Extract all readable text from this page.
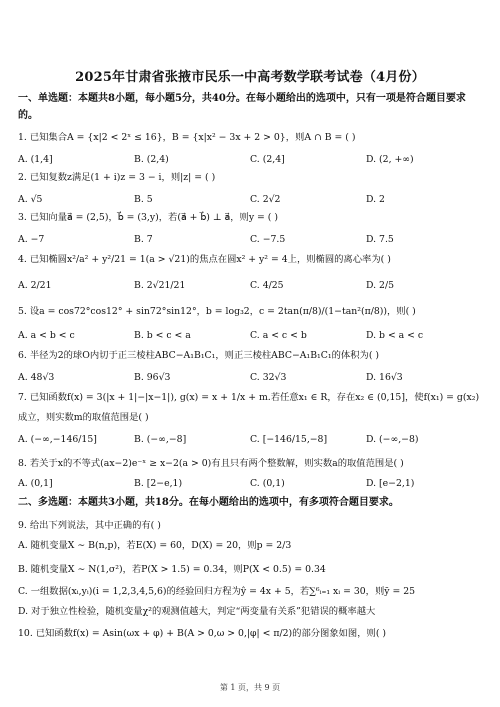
2025年甘肃省张掖市民乐一中高考数学联考试卷（4月份）
一、单选题：本题共8小题，每小题5分，共40分。在每小题给出的选项中，只有一项是符合题目要求
的。
1. 已知集合A = {x|2 < 2ˣ ≤ 16}，B = {x|x² − 3x + 2 > 0}，则A ∩ B = ( )
A. (1,4]	B. (2,4)	C. (2,4]	D. (2, +∞)
2. 已知复数z满足(1 + i)z = 3 − i，则|z| = ( )
A. √5	B. 5	C. 2√2	D. 2
3. 已知向量a⃗ = (2,5)，b⃗ = (3,y)，若(a⃗ + b⃗) ⊥ a⃗，则y = ( )
A. −7	B. 7	C. −7.5	D. 7.5
4. 已知椭圆x²/a² + y²/21 = 1(a > √21)的焦点在圆x² + y² = 4上，则椭圆的离心率为( )
A. 2/21	B. 2√21/21	C. 4/25	D. 2/5
5. 设a = cos72°cos12° + sin72°sin12°，b = log₃2，c = 2tan(π/8)/(1−tan²(π/8))，则( )
A. a < b < c	B. b < c < a	C. a < c < b	D. b < a < c
6. 半径为2的球O内切于正三棱柱ABC−A₁B₁C₁，则正三棱柱ABC−A₁B₁C₁的体积为( )
A. 48√3	B. 96√3	C. 32√3	D. 16√3
7. 已知函数f(x) = 3(|x + 1|−|x−1|), g(x) = x + 1/x + m.若任意x₁ ∈ R，存在x₂ ∈ (0,15]，使f(x₁) = g(x₂)
成立，则实数m的取值范围是( )
A. (−∞,−146/15]	B. (−∞,−8]	C. [−146/15,−8]	D. (−∞,−8)
8. 若关于x的不等式(ax−2)e⁻ˣ ≥ x−2(a > 0)有且只有两个整数解，则实数a的取值范围是( )
A. (0,1]	B. [2−e,1)	C. (0,1)	D. [e−2,1)
二、多选题：本题共3小题，共18分。在每小题给出的选项中，有多项符合题目要求。
9. 给出下列说法，其中正确的有( )
A. 随机变量X ∼ B(n,p)，若E(X) = 60，D(X) = 20，则p = 2/3
B. 随机变量X ∼ N(1,σ²)，若P(X > 1.5) = 0.34，则P(X < 0.5) = 0.34
C. 一组数据(xᵢ,yᵢ)(i = 1,2,3,4,5,6)的经验回归方程为ŷ = 4x + 5，若∑⁶ᵢ₌₁ xᵢ = 30，则ȳ = 25
D. 对于独立性检验，随机变量χ²的观测值越大，判定“两变量有关系”犯错误的概率越大
10. 已知函数f(x) = Asin(ωx + φ) + B(A > 0,ω > 0,|φ| < π/2)的部分图象如图，则( )
第 1 页，共 9 页
